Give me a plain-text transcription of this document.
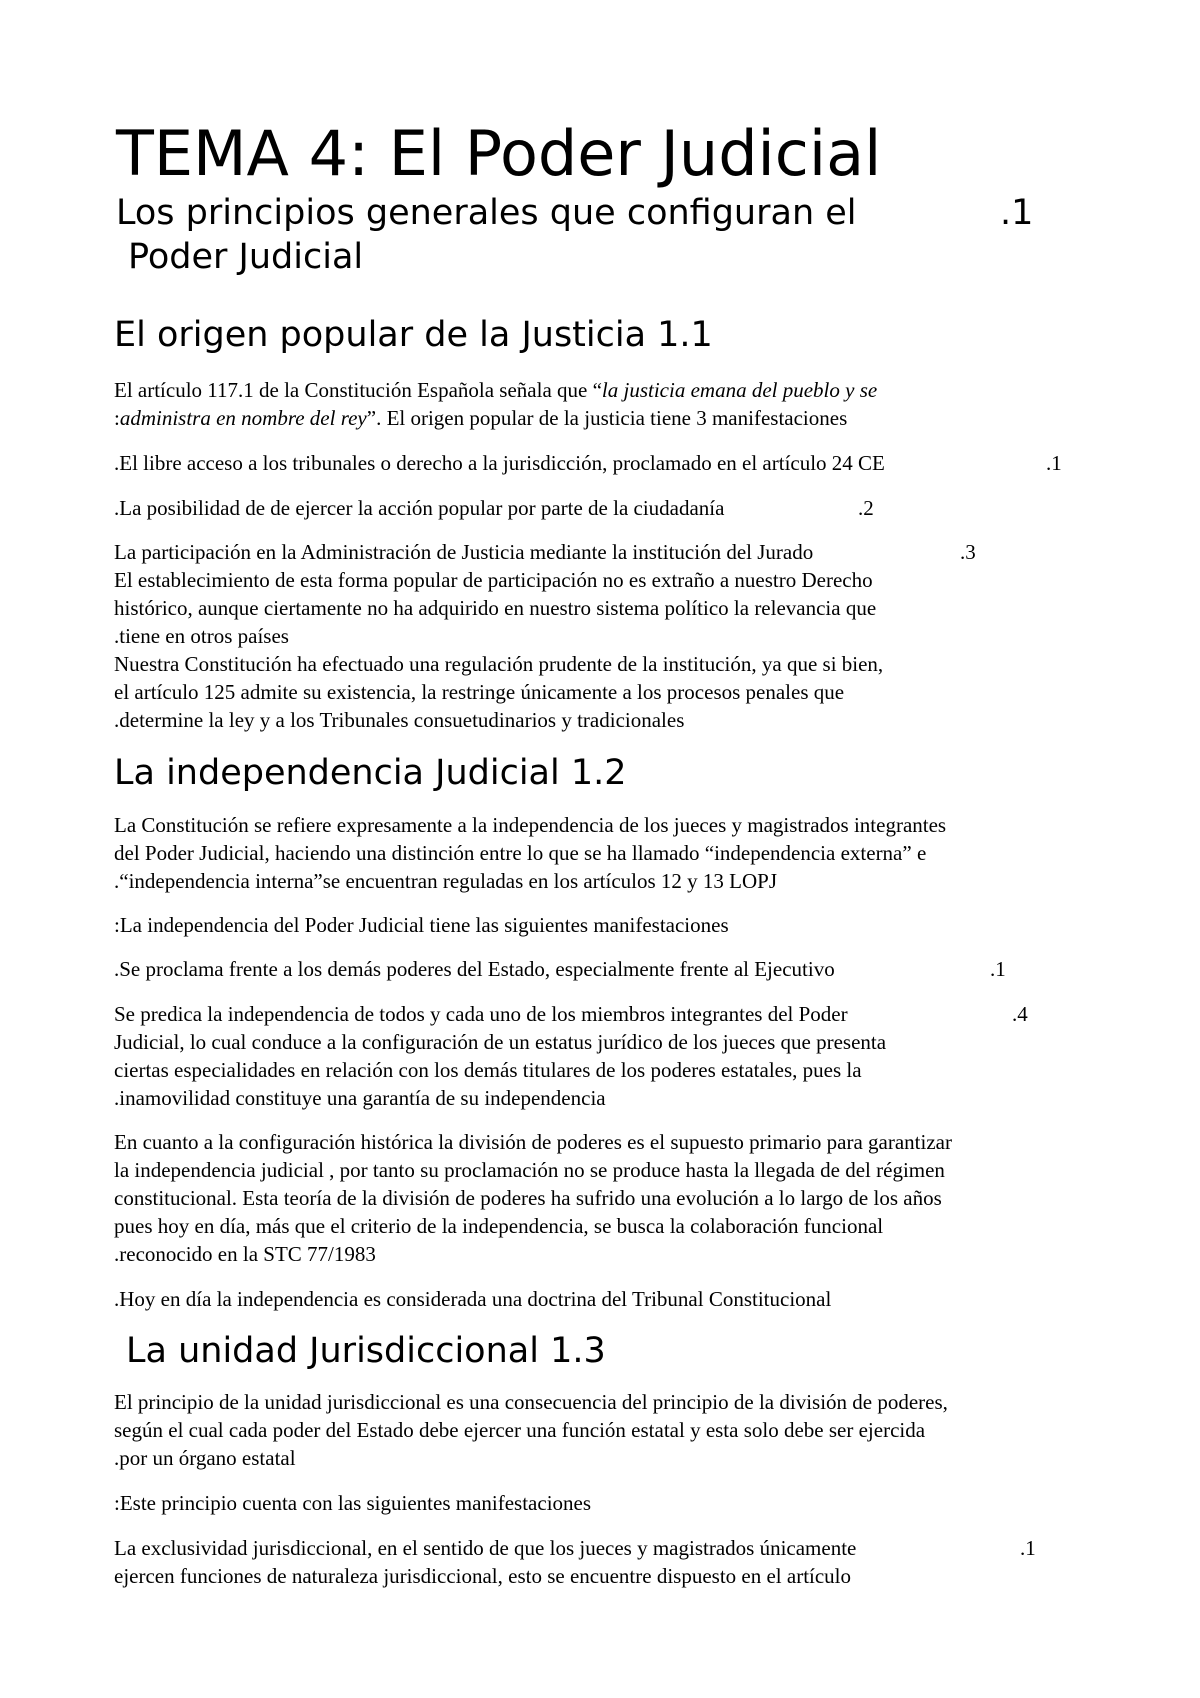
TEMA 4: El Poder Judicial
Los principios generales que configuran el	.1
Poder Judicial
El origen popular de la Justicia 1.1
El artículo 117.1 de la Constitución Española señala que “la justicia emana del pueblo y se
:administra en nombre del rey”. El origen popular de la justicia tiene 3 manifestaciones
.El libre acceso a los tribunales o derecho a la jurisdicción, proclamado en el artículo 24 CE	.1
.La posibilidad de de ejercer la acción popular por parte de la ciudadanía	.2
La participación en la Administración de Justicia mediante la institución del Jurado	.3
El establecimiento de esta forma popular de participación no es extraño a nuestro Derecho
histórico, aunque ciertamente no ha adquirido en nuestro sistema político la relevancia que
.tiene en otros países
Nuestra Constitución ha efectuado una regulación prudente de la institución, ya que si bien,
el artículo 125 admite su existencia, la restringe únicamente a los procesos penales que
.determine la ley y a los Tribunales consuetudinarios y tradicionales
La independencia Judicial 1.2
La Constitución se refiere expresamente a la independencia de los jueces y magistrados integrantes
del Poder Judicial, haciendo una distinción entre lo que se ha llamado “independencia externa” e
.“independencia interna”se encuentran reguladas en los artículos 12 y 13 LOPJ
:La independencia del Poder Judicial tiene las siguientes manifestaciones
.Se proclama frente a los demás poderes del Estado, especialmente frente al Ejecutivo	.1
Se predica la independencia de todos y cada uno de los miembros integrantes del Poder	.4
Judicial, lo cual conduce a la configuración de un estatus jurídico de los jueces que presenta
ciertas especialidades en relación con los demás titulares de los poderes estatales, pues la
.inamovilidad constituye una garantía de su independencia
En cuanto a la configuración histórica la división de poderes es el supuesto primario para garantizar
la independencia judicial , por tanto su proclamación no se produce hasta la llegada de del régimen
constitucional. Esta teoría de la división de poderes ha sufrido una evolución a lo largo de los años
pues hoy en día, más que el criterio de la independencia, se busca la colaboración funcional
.reconocido en la STC 77/1983
.Hoy en día la independencia es considerada una doctrina del Tribunal Constitucional
La unidad Jurisdiccional 1.3
El principio de la unidad jurisdiccional es una consecuencia del principio de la división de poderes,
según el cual cada poder del Estado debe ejercer una función estatal y esta solo debe ser ejercida
.por un órgano estatal
:Este principio cuenta con las siguientes manifestaciones
La exclusividad jurisdiccional, en el sentido de que los jueces y magistrados únicamente	.1
ejercen funciones de naturaleza jurisdiccional, esto se encuentre dispuesto en el artículo
